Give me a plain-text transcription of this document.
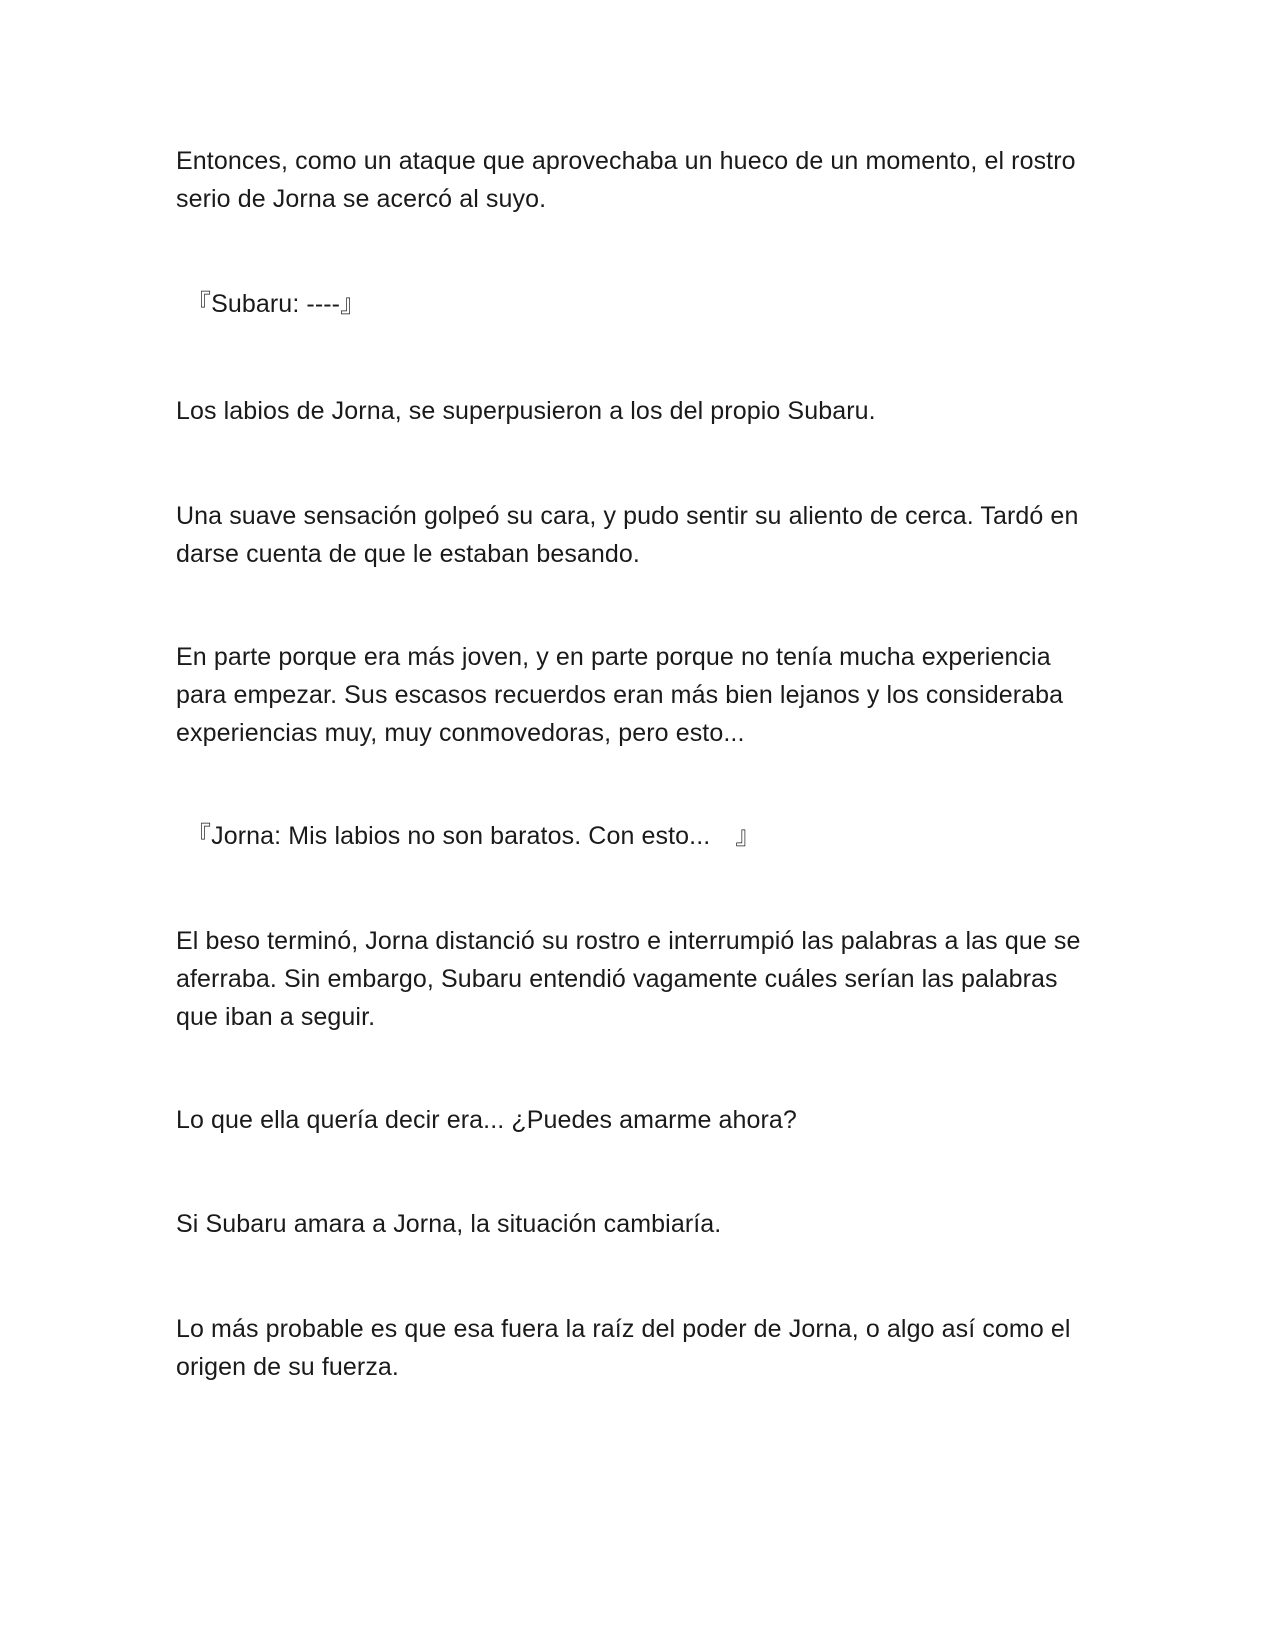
Entonces, como un ataque que aprovechaba un hueco de un momento, el rostro serio de Jorna se acercó al suyo.

『Subaru: ----』

Los labios de Jorna, se superpusieron a los del propio Subaru.

Una suave sensación golpeó su cara, y pudo sentir su aliento de cerca. Tardó en darse cuenta de que le estaban besando.

En parte porque era más joven, y en parte porque no tenía mucha experiencia para empezar. Sus escasos recuerdos eran más bien lejanos y los consideraba experiencias muy, muy conmovedoras, pero esto...

『Jorna: Mis labios no son baratos. Con esto...　』

El beso terminó, Jorna distanció su rostro e interrumpió las palabras a las que se aferraba. Sin embargo, Subaru entendió vagamente cuáles serían las palabras que iban a seguir.

Lo que ella quería decir era... ¿Puedes amarme ahora?

Si Subaru amara a Jorna, la situación cambiaría.

Lo más probable es que esa fuera la raíz del poder de Jorna, o algo así como el origen de su fuerza.
